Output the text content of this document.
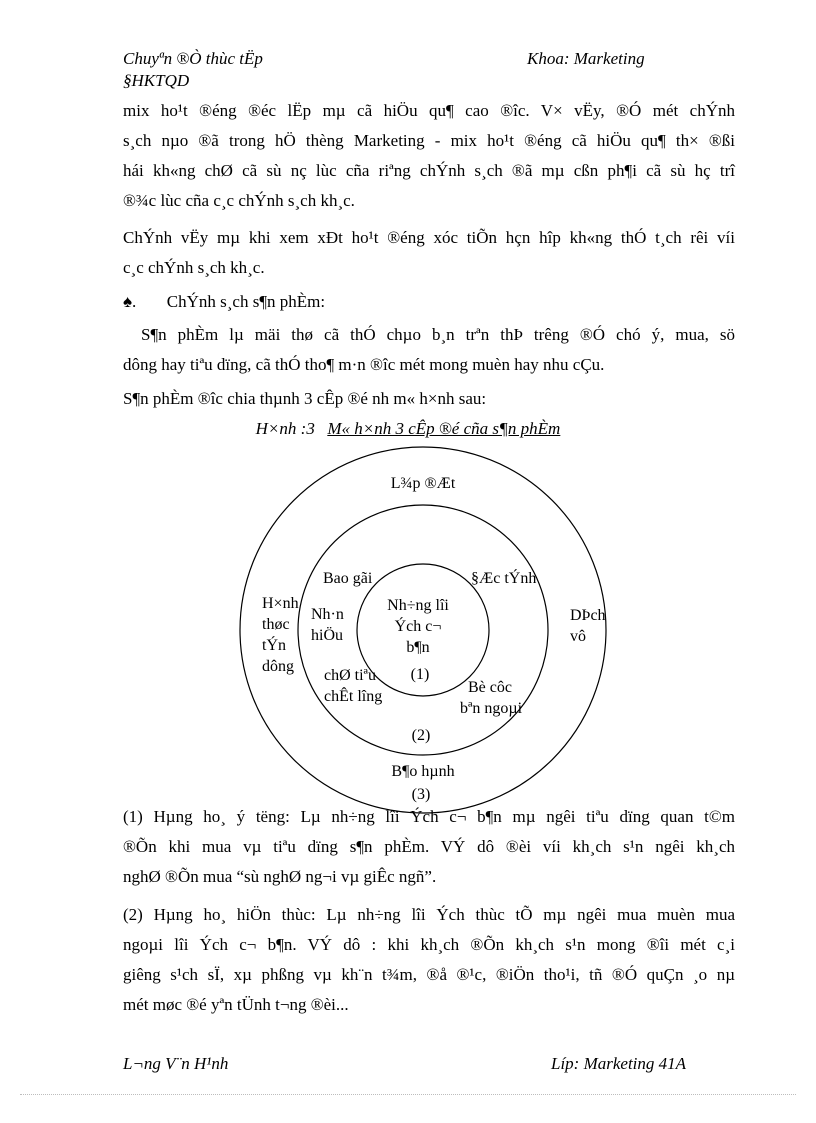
Chuyªn ®Ò thùc tËp
§HKTQD
Khoa: Marketing
mix ho¹t ®éng ®éc lËp mµ cã hiÖu qu¶ cao ®îc. V× vËy, ®Ó mét chÝnh
s¸ch nµo ®ã trong hÖ thèng Marketing - mix ho¹t ®éng cã hiÖu qu¶ th× ®ßi
hái kh«ng chØ cã sù nç lùc cña riªng chÝnh s¸ch ®ã mµ cßn ph¶i cã sù hç trî
®¾c lùc cña c¸c chÝnh s¸ch kh¸c.
ChÝnh vËy mµ khi xem xÐt ho¹t ®éng xóc tiÕn hçn hîp kh«ng thÓ t¸ch rêi víi
c¸c chÝnh s¸ch kh¸c.
♠. ChÝnh s¸ch s¶n phÈm:
S¶n phÈm lµ mäi thø cã thÓ chµo b¸n trªn thÞ trêng ®Ó chó ý, mua, sö
dông hay tiªu dïng, cã thÓ tho¶ m·n ®îc mét mong muèn hay nhu cÇu.
S¶n phÈm ®îc chia thµnh 3 cÊp ®é nh m« h×nh sau:
H×nh :3 M« h×nh 3 cÊp ®é cña s¶n phÈm
L¾p ®Æt
H×nh
thøc
tÝn
dông
DÞch
vô
B¶o hµnh
(3)
Bao gãi	§Æc tÝnh
Nh·n
hiÖu
chØ tiªu
chÊt lîng
Bè côc
bªn ngoµi
(2)
Nh÷ng lîi
Ých c¬
b¶n
(1)
(1) Hµng ho¸ ý tëng: Lµ nh÷ng lîi Ých c¬ b¶n mµ ngêi tiªu dïng quan t©m
®Õn khi mua vµ tiªu dïng s¶n phÈm. VÝ dô ®èi víi kh¸ch s¹n ngêi kh¸ch
nghØ ®Õn mua “sù nghØ ng¬i vµ giÊc ngñ”.
(2) Hµng ho¸ hiÖn thùc: Lµ nh÷ng lîi Ých thùc tÕ mµ ngêi mua muèn mua
ngoµi lîi Ých c¬ b¶n. VÝ dô : khi kh¸ch ®Õn kh¸ch s¹n mong ®îi mét c¸i
giêng s¹ch sÏ, xµ phßng vµ kh¨n t¾m, ®å ®¹c, ®iÖn tho¹i, tñ ®Ó quÇn ¸o nµ
mét møc ®é yªn tÜnh t¬ng ®èi...
L¬ng V¨n H¹nh	Líp: Marketing 41A
